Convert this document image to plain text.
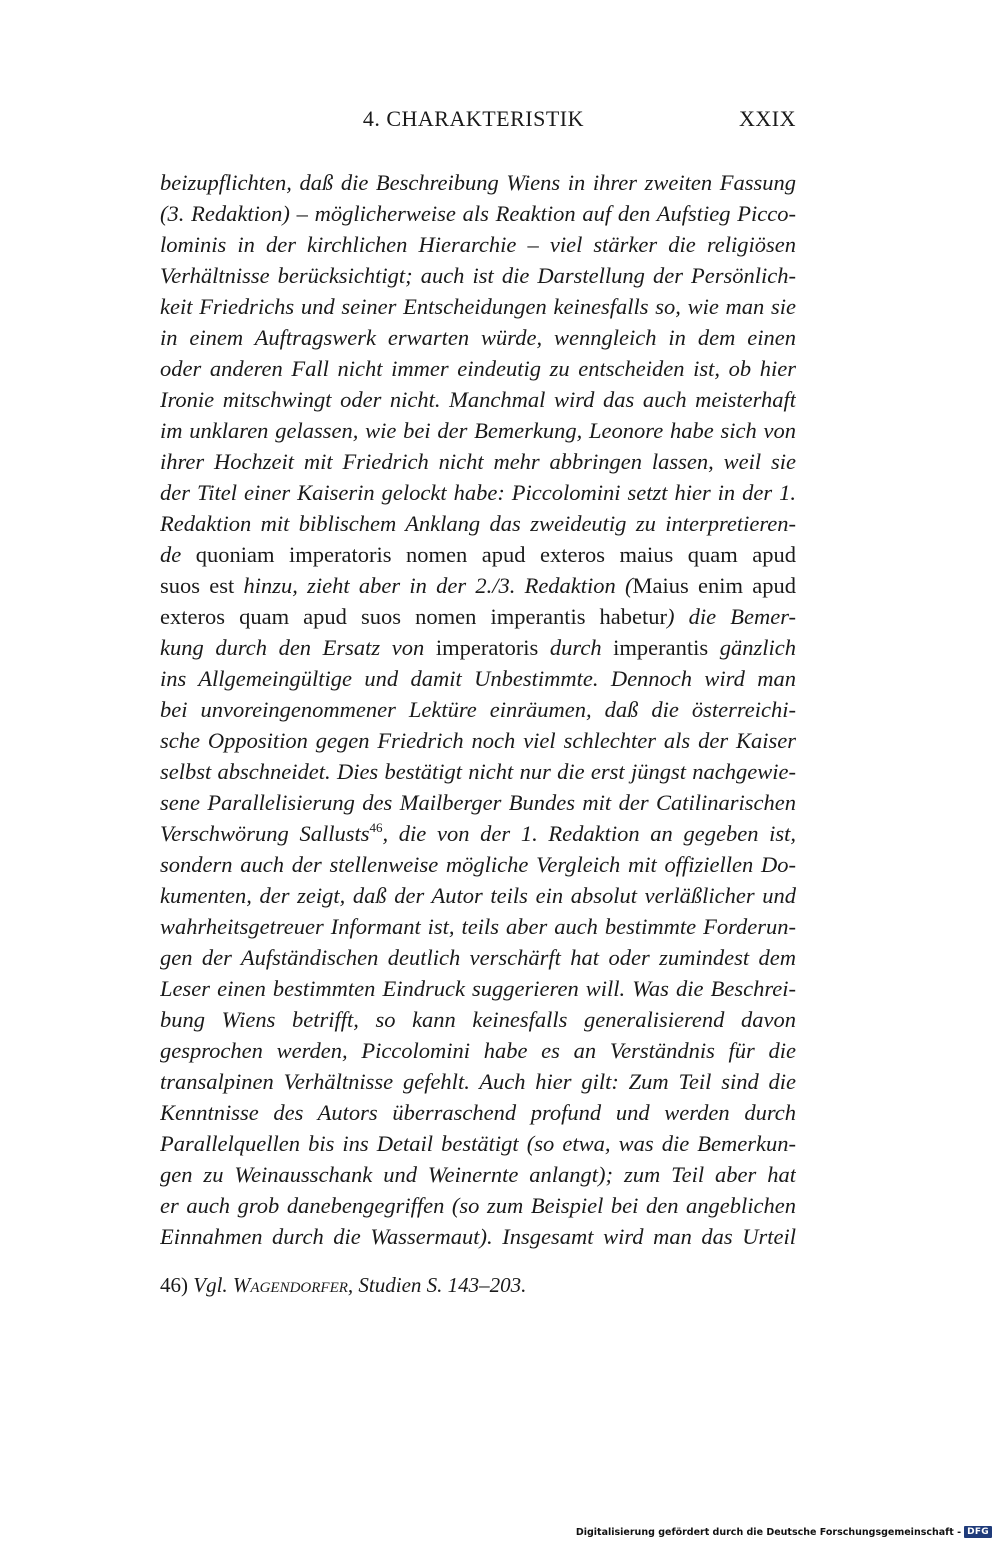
4. CHARAKTERISTIK	XXIX
beizupflichten, daß die Beschreibung Wiens in ihrer zweiten Fassung
(3. Redaktion) – möglicherweise als Reaktion auf den Aufstieg Picco-
lominis in der kirchlichen Hierarchie – viel stärker die religiösen
Verhältnisse berücksichtigt; auch ist die Darstellung der Persönlich-
keit Friedrichs und seiner Entscheidungen keinesfalls so, wie man sie
in einem Auftragswerk erwarten würde, wenngleich in dem einen
oder anderen Fall nicht immer eindeutig zu entscheiden ist, ob hier
Ironie mitschwingt oder nicht. Manchmal wird das auch meisterhaft
im unklaren gelassen, wie bei der Bemerkung, Leonore habe sich von
ihrer Hochzeit mit Friedrich nicht mehr abbringen lassen, weil sie
der Titel einer Kaiserin gelockt habe: Piccolomini setzt hier in der 1.
Redaktion mit biblischem Anklang das zweideutig zu interpretieren-
de quoniam imperatoris nomen apud exteros maius quam apud
suos est hinzu, zieht aber in der 2./3. Redaktion (Maius enim apud
exteros quam apud suos nomen imperantis habetur) die Bemer-
kung durch den Ersatz von imperatoris durch imperantis gänzlich
ins Allgemeingültige und damit Unbestimmte. Dennoch wird man
bei unvoreingenommener Lektüre einräumen, daß die österreichi-
sche Opposition gegen Friedrich noch viel schlechter als der Kaiser
selbst abschneidet. Dies bestätigt nicht nur die erst jüngst nachgewie-
sene Parallelisierung des Mailberger Bundes mit der Catilinarischen
Verschwörung Sallusts$^{46}$, die von der 1. Redaktion an gegeben ist,
sondern auch der stellenweise mögliche Vergleich mit offiziellen Do-
kumenten, der zeigt, daß der Autor teils ein absolut verläßlicher und
wahrheitsgetreuer Informant ist, teils aber auch bestimmte Forderun-
gen der Aufständischen deutlich verschärft hat oder zumindest dem
Leser einen bestimmten Eindruck suggerieren will. Was die Beschrei-
bung Wiens betrifft, so kann keinesfalls generalisierend davon
gesprochen werden, Piccolomini habe es an Verständnis für die
transalpinen Verhältnisse gefehlt. Auch hier gilt: Zum Teil sind die
Kenntnisse des Autors überraschend profund und werden durch
Parallelquellen bis ins Detail bestätigt (so etwa, was die Bemerkun-
gen zu Weinausschank und Weinernte anlangt); zum Teil aber hat
er auch grob danebengegriffen (so zum Beispiel bei den angeblichen
Einnahmen durch die Wassermaut). Insgesamt wird man das Urteil
46) Vgl. Wagendorfer, Studien S. 143–203.
Digitalisierung gefördert durch die Deutsche Forschungsgemeinschaft - DFG
